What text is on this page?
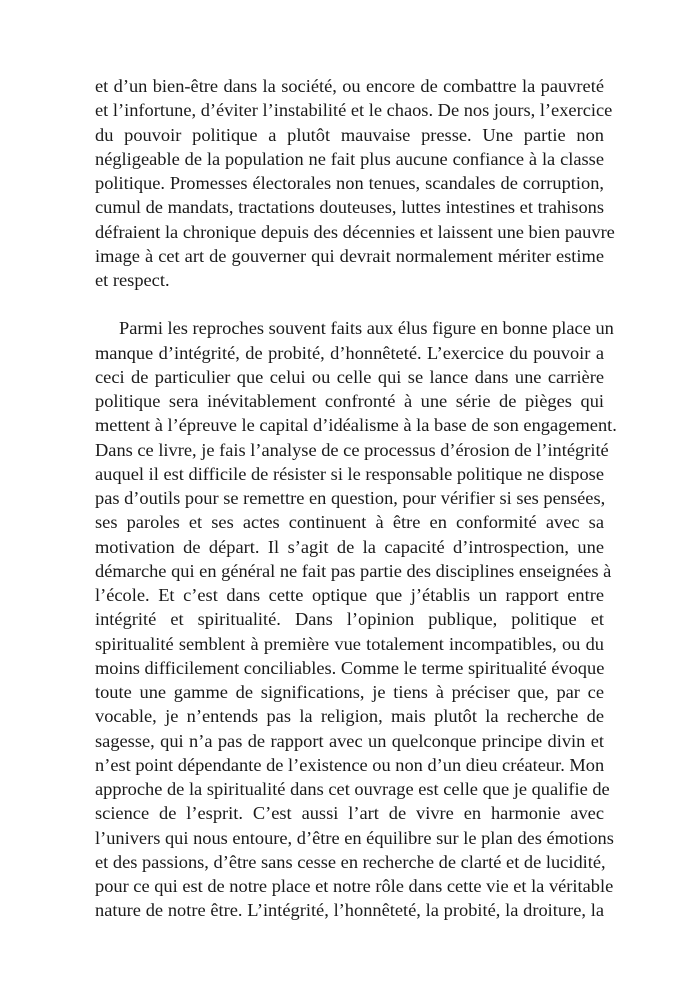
et d’un bien-être dans la société, ou encore de combattre la pauvreté
et l’infortune, d’éviter l’instabilité et le chaos. De nos jours, l’exercice
du pouvoir politique a plutôt mauvaise presse. Une partie non
négligeable de la population ne fait plus aucune confiance à la classe
politique. Promesses électorales non tenues, scandales de corruption,
cumul de mandats, tractations douteuses, luttes intestines et trahisons
défraient la chronique depuis des décennies et laissent une bien pauvre
image à cet art de gouverner qui devrait normalement mériter estime
et respect.
Parmi les reproches souvent faits aux élus figure en bonne place un
manque d’intégrité, de probité, d’honnêteté. L’exercice du pouvoir a
ceci de particulier que celui ou celle qui se lance dans une carrière
politique sera inévitablement confronté à une série de pièges qui
mettent à l’épreuve le capital d’idéalisme à la base de son engagement.
Dans ce livre, je fais l’analyse de ce processus d’érosion de l’intégrité
auquel il est difficile de résister si le responsable politique ne dispose
pas d’outils pour se remettre en question, pour vérifier si ses pensées,
ses paroles et ses actes continuent à être en conformité avec sa
motivation de départ. Il s’agit de la capacité d’introspection, une
démarche qui en général ne fait pas partie des disciplines enseignées à
l’école. Et c’est dans cette optique que j’établis un rapport entre
intégrité et spiritualité. Dans l’opinion publique, politique et
spiritualité semblent à première vue totalement incompatibles, ou du
moins difficilement conciliables. Comme le terme spiritualité évoque
toute une gamme de significations, je tiens à préciser que, par ce
vocable, je n’entends pas la religion, mais plutôt la recherche de
sagesse, qui n’a pas de rapport avec un quelconque principe divin et
n’est point dépendante de l’existence ou non d’un dieu créateur. Mon
approche de la spiritualité dans cet ouvrage est celle que je qualifie de
science de l’esprit. C’est aussi l’art de vivre en harmonie avec
l’univers qui nous entoure, d’être en équilibre sur le plan des émotions
et des passions, d’être sans cesse en recherche de clarté et de lucidité,
pour ce qui est de notre place et notre rôle dans cette vie et la véritable
nature de notre être. L’intégrité, l’honnêteté, la probité, la droiture, la
